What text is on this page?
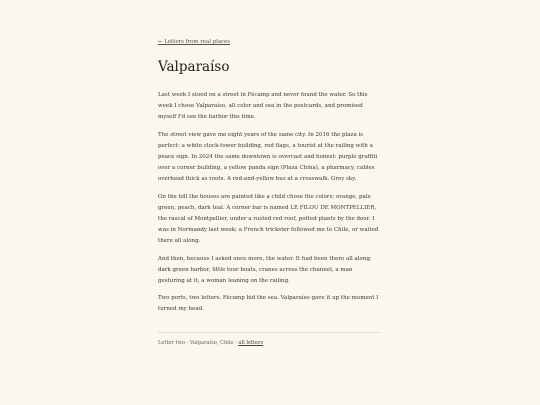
← Letters from real places
Valparaíso

Last week I stood on a street in Fécamp and never found the water. So this week I chose Valparaíso, all color and sea in the postcards, and promised myself I'd see the harbor this time.

The street view gave me eight years of the same city. In 2016 the plaza is perfect: a white clock-tower building, red flags, a tourist at the railing with a peace sign. In 2024 the same downtown is overcast and honest: purple graffiti over a corner building, a yellow panda sign (Plaza China), a pharmacy, cables overhead thick as roots. A red-and-yellow bus at a crosswalk. Grey sky.

On the hill the houses are painted like a child chose the colors: orange, pale green, peach, dark teal. A corner bar is named LE FILOU DE MONTPELLIER, the rascal of Montpellier, under a rusted red roof, potted plants by the door. I was in Normandy last week; a French trickster followed me to Chile, or waited there all along.

And then, because I asked once more, the water. It had been there all along: dark green harbor, little tour boats, cranes across the channel, a man gesturing at it, a woman leaning on the railing.

Two ports, two letters. Fécamp hid the sea. Valparaíso gave it up the moment I turned my head.

Letter two · Valparaíso, Chile · all letters
